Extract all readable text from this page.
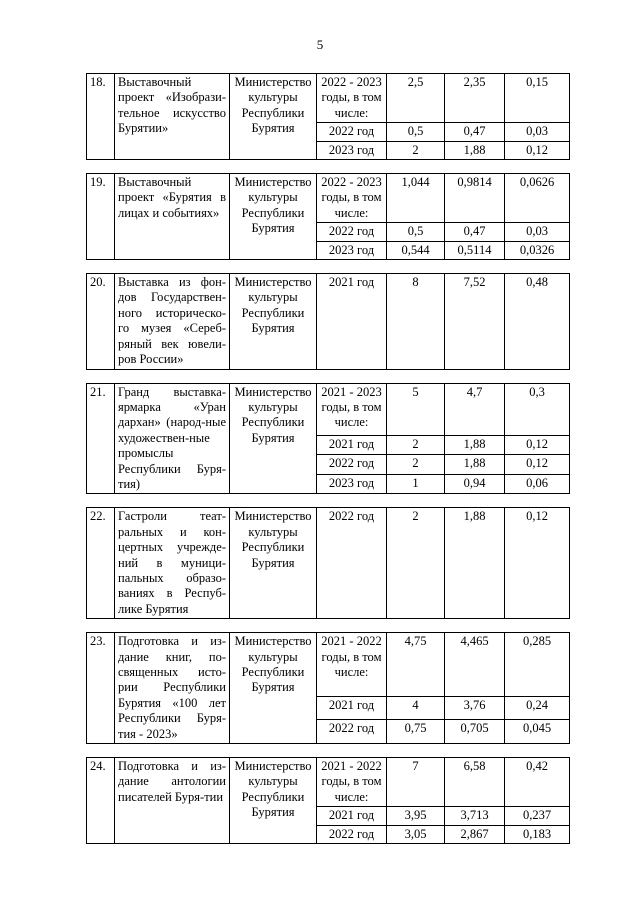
5
18.	Выставочный проект «Изобрази-тельное искусство Бурятии»	Министерство культуры Республики Бурятия	2022 - 2023 годы, в том числе:	2,5	2,35	0,15
			2022 год	0,5	0,47	0,03
			2023 год	2	1,88	0,12

19.	Выставочный проект «Бурятия в лицах и событиях»	Министерство культуры Республики Бурятия	2022 - 2023 годы, в том числе:	1,044	0,9814	0,0626
			2022 год	0,5	0,47	0,03
			2023 год	0,544	0,5114	0,0326

20.	Выставка из фон-дов Государствен-ного историческо-го музея «Сереб-ряный век ювели-ров России»	Министерство культуры Республики Бурятия	2021 год	8	7,52	0,48

21.	Гранд выставка-ярмарка «Уран дархан» (народ-ные художествен-ные промыслы Республики Буря-тия)	Министерство культуры Республики Бурятия	2021 - 2023 годы, в том числе:	5	4,7	0,3
			2021 год	2	1,88	0,12
			2022 год	2	1,88	0,12
			2023 год	1	0,94	0,06

22.	Гастроли теат-ральных и кон-цертных учрежде-ний в муници-пальных образо-ваниях в Респуб-лике Бурятия	Министерство культуры Республики Бурятия	2022 год	2	1,88	0,12

23.	Подготовка и из-дание книг, по-священных исто-рии Республики Бурятия «100 лет Республики Буря-тия - 2023»	Министерство культуры Республики Бурятия	2021 - 2022 годы, в том числе:	4,75	4,465	0,285
			2021 год	4	3,76	0,24
			2022 год	0,75	0,705	0,045

24.	Подготовка и из-дание антологии писателей Буря-тии	Министерство культуры Республики Бурятия	2021 - 2022 годы, в том числе:	7	6,58	0,42
			2021 год	3,95	3,713	0,237
			2022 год	3,05	2,867	0,183
